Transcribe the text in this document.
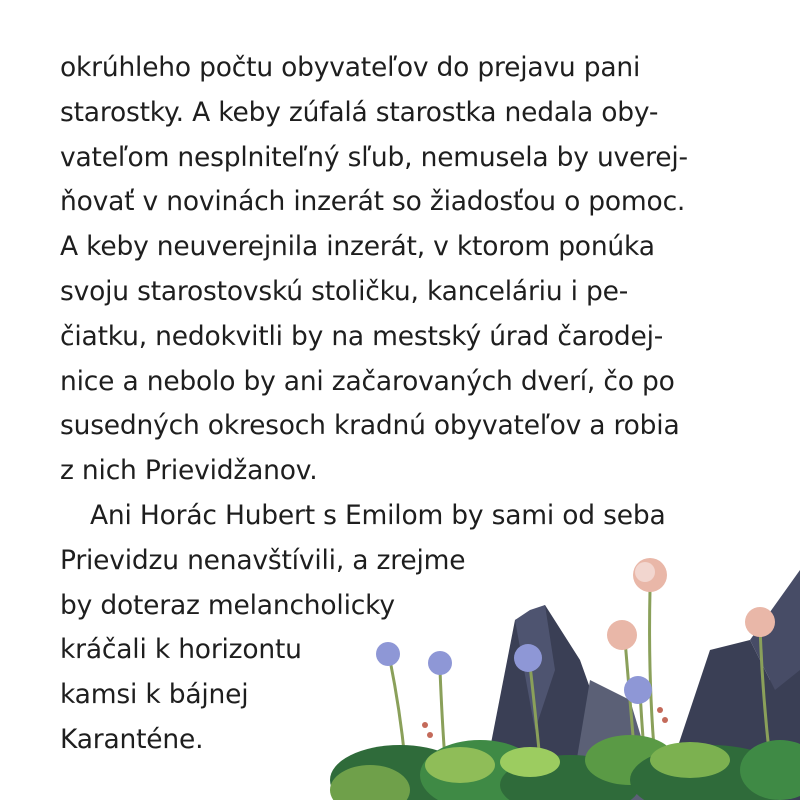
okrúhleho počtu obyvateľov do prejavu pani
starostky. A keby zúfalá starostka nedala oby-
vateľom nesplniteľný sľub, nemusela by uverej-
ňovať v novinách inzerát so žiadosťou o pomoc.
A keby neuverejnila inzerát, v ktorom ponúka
svoju starostovskú stoličku, kanceláriu i pe-
čiatku, nedokvitli by na mestský úrad čarodej-
nice a nebolo by ani začarovaných dverí, čo po
susedných okresoch kradnú obyvateľov a robia
z nich Prievidžanov.
Ani Horác Hubert s Emilom by sami od seba
Prievidzu nenavštívili, a zrejme
by doteraz melancholicky
kráčali k horizontu
kamsi k bájnej
Karanténe.
